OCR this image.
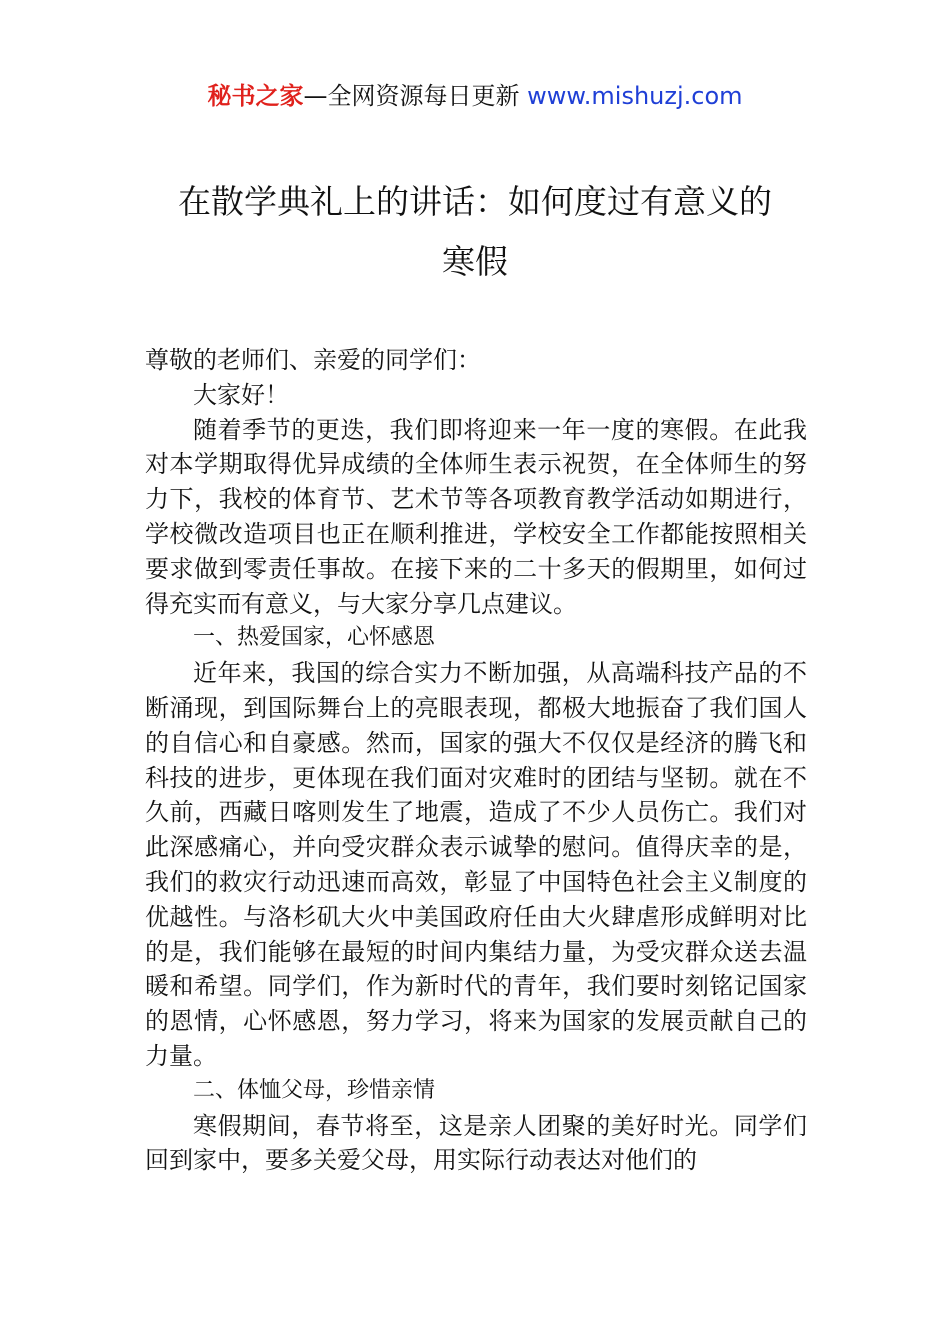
秘书之家—全网资源每日更新 www.mishuzj.com
在散学典礼上的讲话：如何度过有意义的
寒假

尊敬的老师们、亲爱的同学们：

大家好！

随着季节的更迭，我们即将迎来一年一度的寒假。在此我对本学期取得优异成绩的全体师生表示祝贺，在全体师生的努力下，我校的体育节、艺术节等各项教育教学活动如期进行，学校微改造项目也正在顺利推进，学校安全工作都能按照相关要求做到零责任事故。在接下来的二十多天的假期里，如何过得充实而有意义，与大家分享几点建议。

一、热爱国家，心怀感恩

近年来，我国的综合实力不断加强，从高端科技产品的不断涌现，到国际舞台上的亮眼表现，都极大地振奋了我们国人的自信心和自豪感。然而，国家的强大不仅仅是经济的腾飞和科技的进步，更体现在我们面对灾难时的团结与坚韧。就在不久前，西藏日喀则发生了地震，造成了不少人员伤亡。我们对此深感痛心，并向受灾群众表示诚挚的慰问。值得庆幸的是，我们的救灾行动迅速而高效，彰显了中国特色社会主义制度的优越性。与洛杉矶大火中美国政府任由大火肆虐形成鲜明对比的是，我们能够在最短的时间内集结力量，为受灾群众送去温暖和希望。同学们，作为新时代的青年，我们要时刻铭记国家的恩情，心怀感恩，努力学习，将来为国家的发展贡献自己的力量。

二、体恤父母，珍惜亲情

寒假期间，春节将至，这是亲人团聚的美好时光。同学们回到家中，要多关爱父母，用实际行动表达对他们的
